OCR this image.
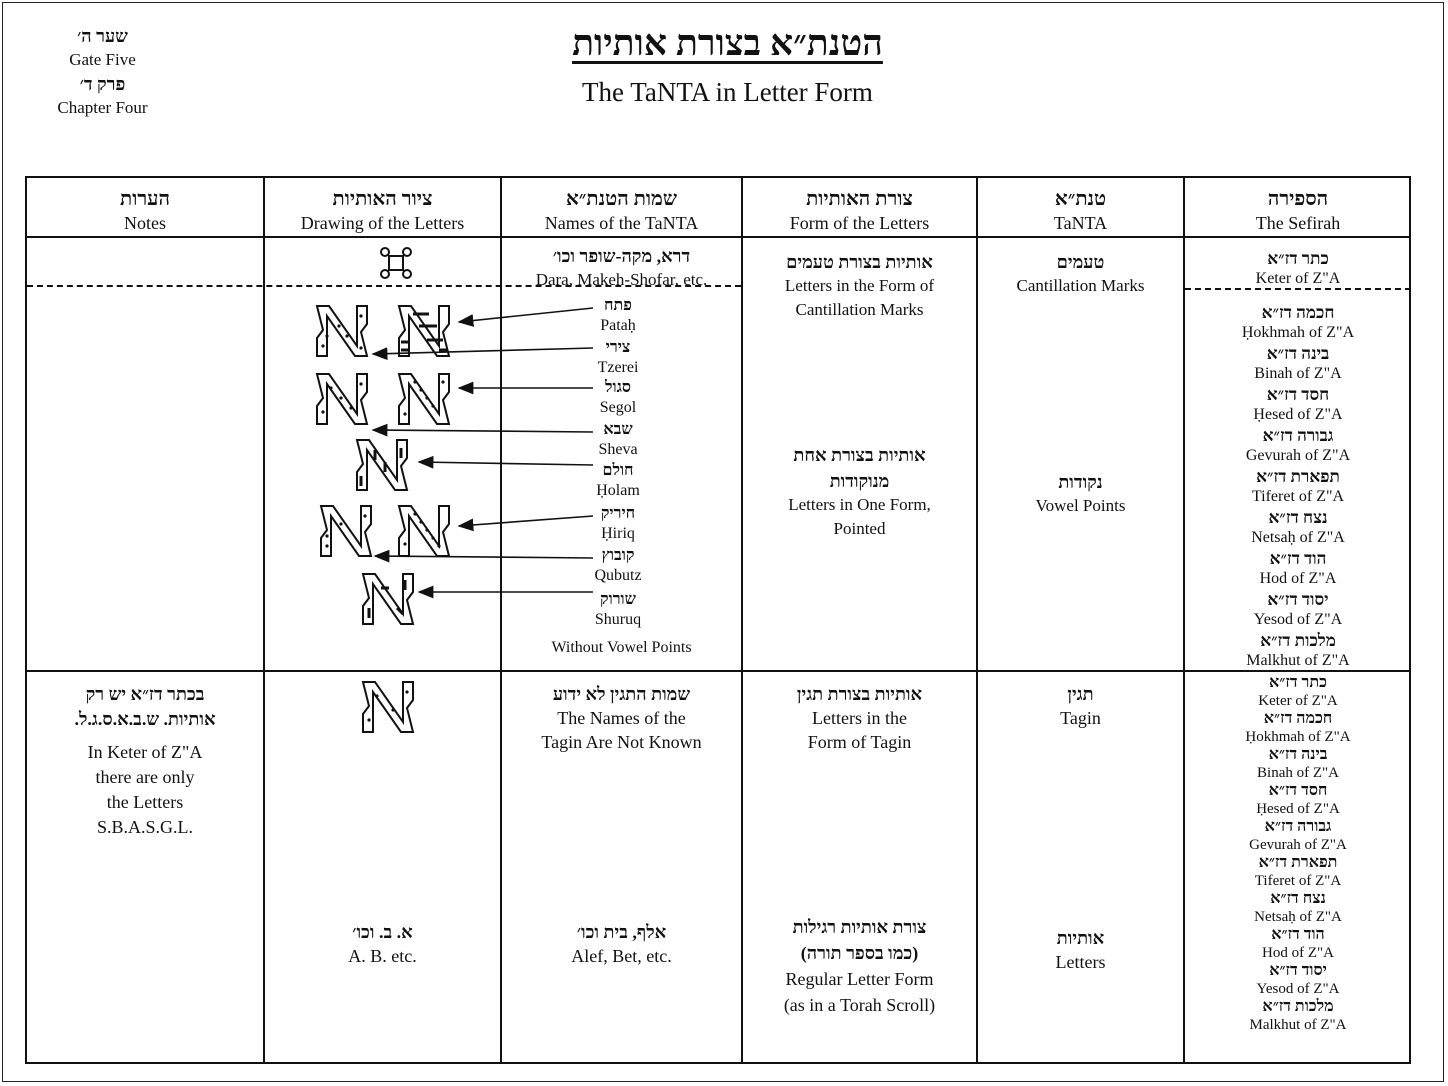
שער ה׳
Gate Five
פרק ד׳
Chapter Four
הטנת״א בצורת אותיות
The TaNTA in Letter Form
הערות
Notes
ציור האותיות
Drawing of the Letters
שמות הטנת״א
Names of the TaNTA
צורת האותיות
Form of the Letters
טנת״א
TaNTA
הספירה
The Sefirah
דרא, מקה-שופר וכו׳
Dara, Makeh-Shofar, etc.
אותיות בצורת טעמים
Letters in the Form of
Cantillation Marks
טעמים
Cantillation Marks
כתר דז״א
Keter of Z"A
אותיות בצורת אחת
מנוקודות
Letters in One Form,
Pointed
נקודות
Vowel Points
Without Vowel Points
פתח
Pataḥ
צירי
Tzerei
סגול
Segol
שבא
Sheva
חולם
Ḥolam
חיריק
Ḥiriq
קובוץ
Qubutz
שורוק
Shuruq
חכמה דז״א
Ḥokhmah of Z"A
בינה דז״א
Binah of Z"A
חסד דז״א
Ḥesed of Z"A
גבורה דז״א
Gevurah of Z"A
תפארת דז״א
Tiferet of Z"A
נצח דז״א
Netsaḥ of Z"A
הוד דז״א
Hod of Z"A
יסוד דז״א
Yesod of Z"A
מלכות דז״א
Malkhut of Z"A
בכתר דז״א יש רק
אותיות. ש.ב.א.ס.ג.ל.
In Keter of Z"A
there are only
the Letters
S.B.A.S.G.L.
שמות התגין לא ידוע
The Names of the
Tagin Are Not Known
אותיות בצורת תגין
Letters in the
Form of Tagin
תגין
Tagin
כתר דז״א
Keter of Z"A
חכמה דז״א
Ḥokhmah of Z"A
בינה דז״א
Binah of Z"A
חסד דז״א
Ḥesed of Z"A
גבורה דז״א
Gevurah of Z"A
תפארת דז״א
Tiferet of Z"A
נצח דז״א
Netsaḥ of Z"A
הוד דז״א
Hod of Z"A
יסוד דז״א
Yesod of Z"A
מלכות דז״א
Malkhut of Z"A
א. ב. וכו׳
A. B. etc.
אלף, בית וכו׳
Alef, Bet, etc.
צורת אותיות רגילות
(כמו בספר תורה)
Regular Letter Form
(as in a Torah Scroll)
אותיות
Letters
